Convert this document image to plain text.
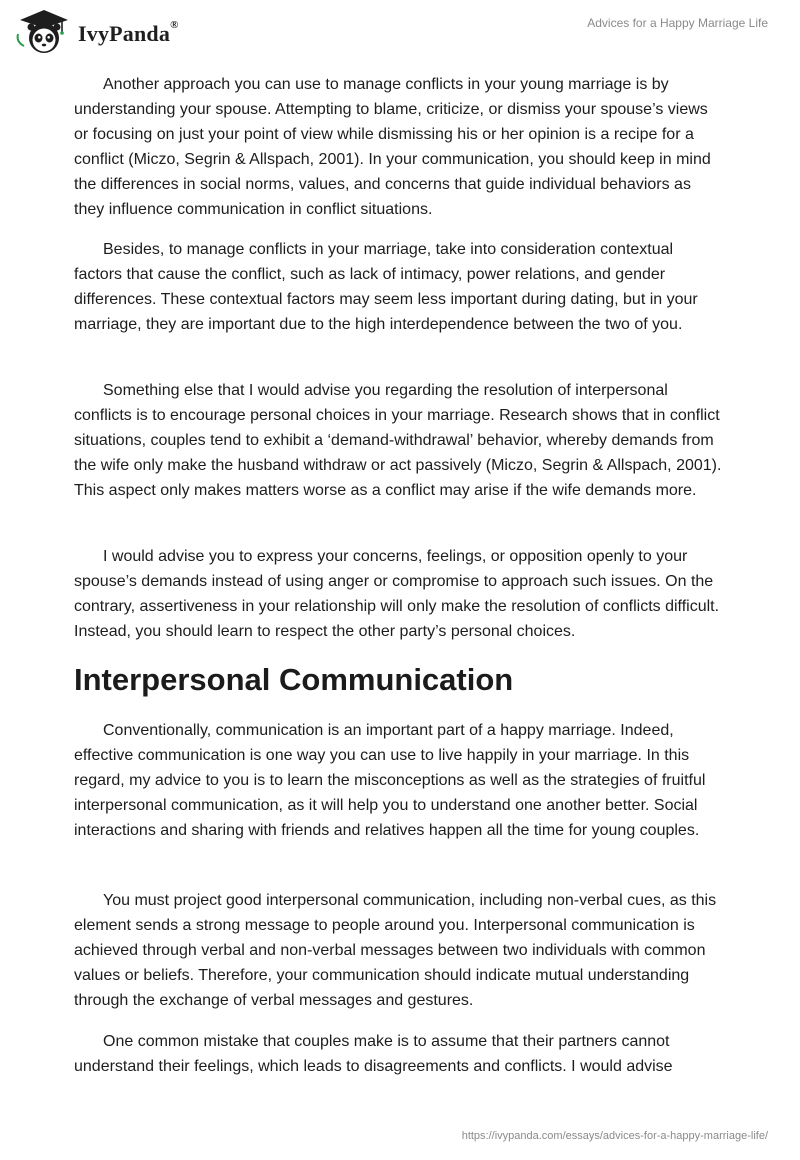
IvyPanda®	Advices for a Happy Marriage Life

Another approach you can use to manage conflicts in your young marriage is by understanding your spouse. Attempting to blame, criticize, or dismiss your spouse’s views or focusing on just your point of view while dismissing his or her opinion is a recipe for a conflict (Miczo, Segrin & Allspach, 2001). In your communication, you should keep in mind the differences in social norms, values, and concerns that guide individual behaviors as they influence communication in conflict situations.

Besides, to manage conflicts in your marriage, take into consideration contextual factors that cause the conflict, such as lack of intimacy, power relations, and gender differences. These contextual factors may seem less important during dating, but in your marriage, they are important due to the high interdependence between the two of you.

Something else that I would advise you regarding the resolution of interpersonal conflicts is to encourage personal choices in your marriage. Research shows that in conflict situations, couples tend to exhibit a ‘demand-withdrawal’ behavior, whereby demands from the wife only make the husband withdraw or act passively (Miczo, Segrin & Allspach, 2001). This aspect only makes matters worse as a conflict may arise if the wife demands more.

I would advise you to express your concerns, feelings, or opposition openly to your spouse’s demands instead of using anger or compromise to approach such issues. On the contrary, assertiveness in your relationship will only make the resolution of conflicts difficult. Instead, you should learn to respect the other party’s personal choices.

Interpersonal Communication

Conventionally, communication is an important part of a happy marriage. Indeed, effective communication is one way you can use to live happily in your marriage. In this regard, my advice to you is to learn the misconceptions as well as the strategies of fruitful interpersonal communication, as it will help you to understand one another better. Social interactions and sharing with friends and relatives happen all the time for young couples.

You must project good interpersonal communication, including non-verbal cues, as this element sends a strong message to people around you. Interpersonal communication is achieved through verbal and non-verbal messages between two individuals with common values or beliefs. Therefore, your communication should indicate mutual understanding through the exchange of verbal messages and gestures.

One common mistake that couples make is to assume that their partners cannot understand their feelings, which leads to disagreements and conflicts. I would advise

https://ivypanda.com/essays/advices-for-a-happy-marriage-life/
